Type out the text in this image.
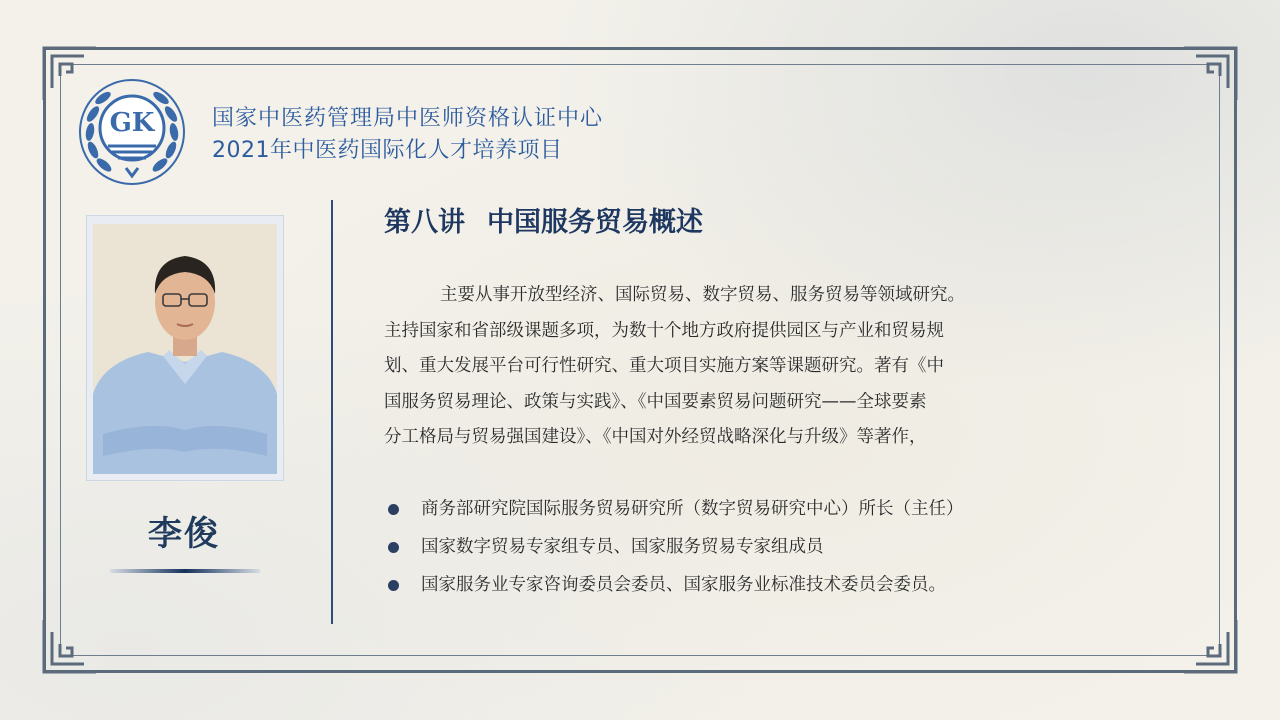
GK	国家中医药管理局中医师资格认证中心
2021年中医药国际化人才培养项目
李俊
第八讲 中国服务贸易概述
主要从事开放型经济、国际贸易、数字贸易、服务贸易等领域研究。
主持国家和省部级课题多项，为数十个地方政府提供园区与产业和贸易规
划、重大发展平台可行性研究、重大项目实施方案等课题研究。著有《中
国服务贸易理论、政策与实践》、《中国要素贸易问题研究——全球要素
分工格局与贸易强国建设》、《中国对外经贸战略深化与升级》等著作，
商务部研究院国际服务贸易研究所（数字贸易研究中心）所长（主任）
国家数字贸易专家组专员、国家服务贸易专家组成员
国家服务业专家咨询委员会委员、国家服务业标准技术委员会委员。
